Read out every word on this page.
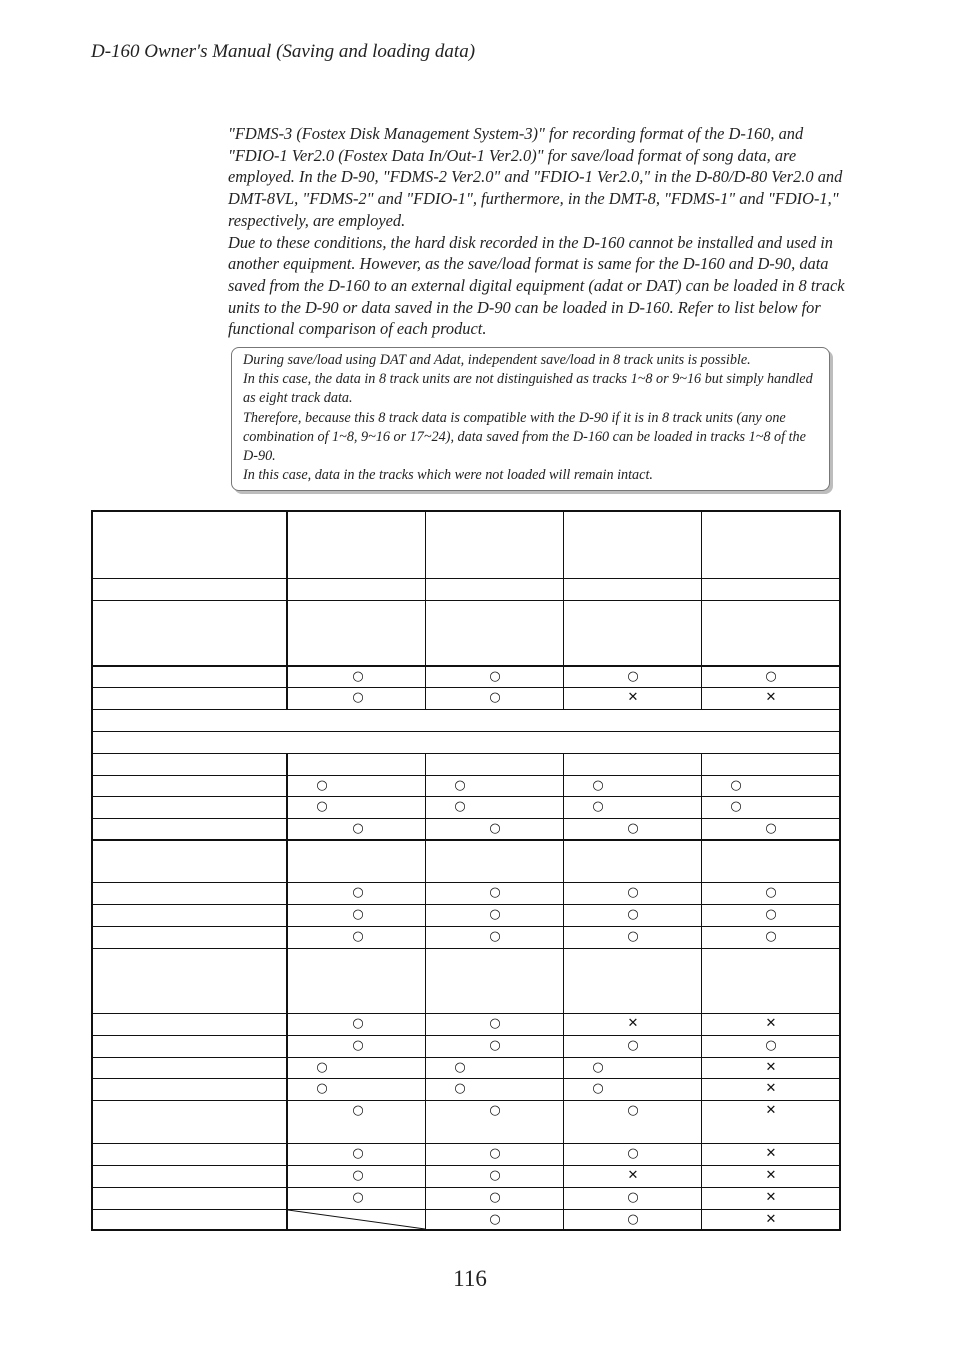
D-160 Owner's Manual (Saving and loading data)

"FDMS-3 (Fostex Disk Management System-3)" for recording format of the D-160, and "FDIO-1 Ver2.0 (Fostex Data In/Out-1 Ver2.0)" for save/load format of song data, are employed. In the D-90, "FDMS-2 Ver2.0" and "FDIO-1 Ver2.0," in the D-80/D-80 Ver2.0 and DMT-8VL, "FDMS-2" and "FDIO-1", furthermore, in the DMT-8, "FDMS-1" and "FDIO-1," respectively, are employed.

Due to these conditions, the hard disk recorded in the D-160 cannot be installed and used in another equipment. However, as the save/load format is same for the D-160 and D-90, data saved from the D-160 to an external digital equipment (adat or DAT) can be loaded in 8 track units to the D-90 or data saved in the D-90 can be loaded in D-160. Refer to list below for functional comparison of each product.

During save/load using DAT and Adat, independent save/load in 8 track units is possible.

In this case, the data in 8 track units are not distinguished as tracks 1~8 or 9~16 but simply handled as eight track data.

Therefore, because this 8 track data is compatible with the D-90 if it is in 8 track units (any one combination of 1~8, 9~16 or 17~24), data saved from the D-160 can be loaded in tracks 1~8 of the D-90.

In this case, data in the tracks which were not loaded will remain intact.

○
○
○
○
○
○
✕
✕
○
○
○
○
○
○
○
○
○
○
○
○
○
○
○
○
○
○
○
○
○
○
○
○
○
○
✕
✕
○
○
○
○
○
○
○
✕
○
○
○
✕
○
○
○
✕
○
○
○
✕
○
○
✕
✕
○
○
○
✕
○
○
✕
116
